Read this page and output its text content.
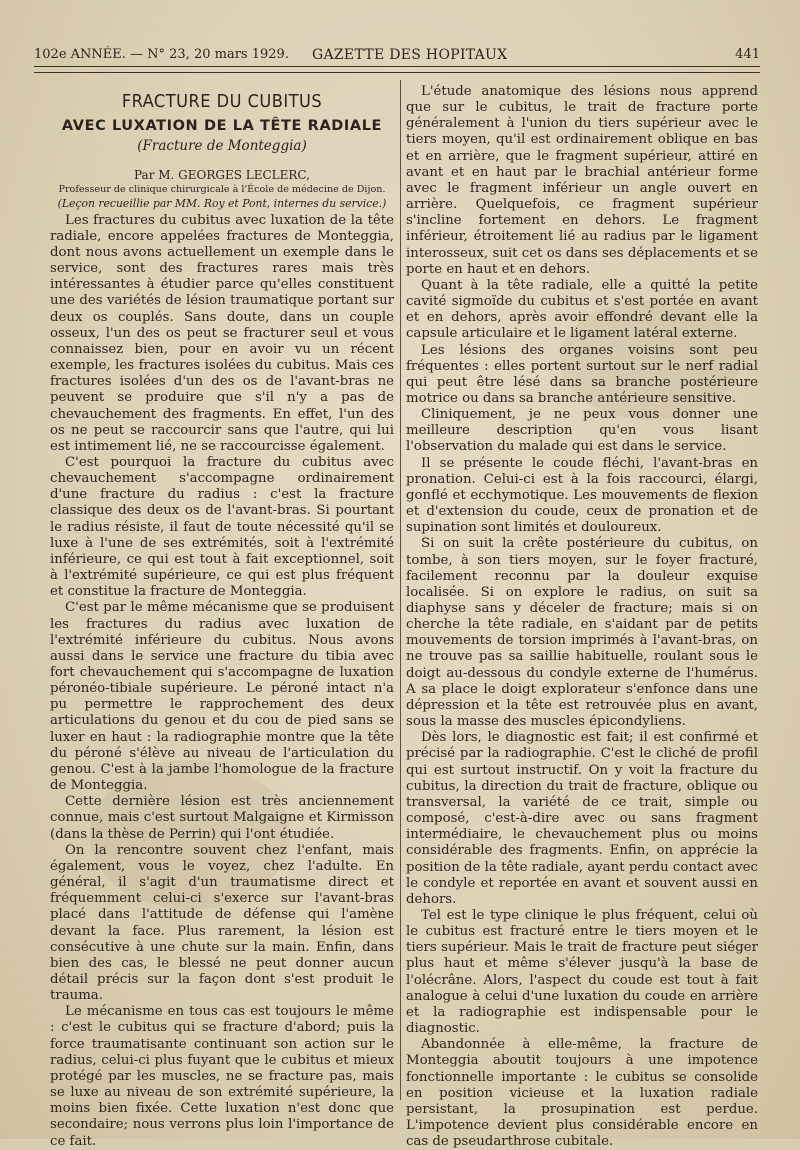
102e ANNÉE. — N° 23, 20 mars 1929. GAZETTE DES HOPITAUX	441
FRACTURE DU CUBITUS
AVEC LUXATION DE LA TÊTE RADIALE
(Fracture de Monteggia)

Par M. GEORGES LECLERC,

Professeur de clinique chirurgicale à l'École de médecine de Dijon.

(Leçon recueillie par MM. Roy et Pont, internes du service.)

Les fractures du cubitus avec luxation de la tête radiale, encore appelées fractures de Monteggia, dont nous avons actuellement un exemple dans le service, sont des fractures rares mais très intéressantes à étudier parce qu'elles constituent une des variétés de lésion traumatique portant sur deux os couplés. Sans doute, dans un couple osseux, l'un des os peut se fracturer seul et vous connaissez bien, pour en avoir vu un récent exemple, les fractures isolées du cubitus. Mais ces fractures isolées d'un des os de l'avant-bras ne peuvent se produire que s'il n'y a pas de chevauchement des fragments. En effet, l'un des os ne peut se raccourcir sans que l'autre, qui lui est intimement lié, ne se raccourcisse également.

C'est pourquoi la fracture du cubitus avec chevauchement s'accompagne ordinairement d'une fracture du radius : c'est la fracture classique des deux os de l'avant-bras. Si pourtant le radius résiste, il faut de toute nécessité qu'il se luxe à l'une de ses extrémités, soit à l'extrémité inférieure, ce qui est tout à fait exceptionnel, soit à l'extrémité supérieure, ce qui est plus fréquent et constitue la fracture de Monteggia.

C'est par le même mécanisme que se produisent les fractures du radius avec luxation de l'extrémité inférieure du cubitus. Nous avons aussi dans le service une fracture du tibia avec fort chevauchement qui s'accompagne de luxation péronéo-tibiale supérieure. Le péroné intact n'a pu permettre le rapprochement des deux articulations du genou et du cou de pied sans se luxer en haut : la radiographie montre que la tête du péroné s'élève au niveau de l'articulation du genou. C'est à la jambe l'homologue de la fracture de Monteggia.

Cette dernière lésion est très anciennement connue, mais c'est surtout Malgaigne et Kirmisson (dans la thèse de Perrin) qui l'ont étudiée.

On la rencontre souvent chez l'enfant, mais également, vous le voyez, chez l'adulte. En général, il s'agit d'un traumatisme direct et fréquemment celui-ci s'exerce sur l'avant-bras placé dans l'attitude de défense qui l'amène devant la face. Plus rarement, la lésion est consécutive à une chute sur la main. Enfin, dans bien des cas, le blessé ne peut donner aucun détail précis sur la façon dont s'est produit le trauma.

Le mécanisme en tous cas est toujours le même : c'est le cubitus qui se fracture d'abord; puis la force traumatisante continuant son action sur le radius, celui-ci plus fuyant que le cubitus et mieux protégé par les muscles, ne se fracture pas, mais se luxe au niveau de son extrémité supérieure, la moins bien fixée. Cette luxation n'est donc que secondaire; nous verrons plus loin l'importance de ce fait.

L'étude anatomique des lésions nous apprend que sur le cubitus, le trait de fracture porte généralement à l'union du tiers supérieur avec le tiers moyen, qu'il est ordinairement oblique en bas et en arrière, que le fragment supérieur, attiré en avant et en haut par le brachial antérieur forme avec le fragment inférieur un angle ouvert en arrière. Quelquefois, ce fragment supérieur s'incline fortement en dehors. Le fragment inférieur, étroitement lié au radius par le ligament interosseux, suit cet os dans ses déplacements et se porte en haut et en dehors.

Quant à la tête radiale, elle a quitté la petite cavité sigmoïde du cubitus et s'est portée en avant et en dehors, après avoir effondré devant elle la capsule articulaire et le ligament latéral externe.

Les lésions des organes voisins sont peu fréquentes : elles portent surtout sur le nerf radial qui peut être lésé dans sa branche postérieure motrice ou dans sa branche antérieure sensitive.

Cliniquement, je ne peux vous donner une meilleure description qu'en vous lisant l'observation du malade qui est dans le service.

Il se présente le coude fléchi, l'avant-bras en pronation. Celui-ci est à la fois raccourci, élargi, gonflé et ecchymotique. Les mouvements de flexion et d'extension du coude, ceux de pronation et de supination sont limités et douloureux.

Si on suit la crête postérieure du cubitus, on tombe, à son tiers moyen, sur le foyer fracturé, facilement reconnu par la douleur exquise localisée. Si on explore le radius, on suit sa diaphyse sans y déceler de fracture; mais si on cherche la tête radiale, en s'aidant par de petits mouvements de torsion imprimés à l'avant-bras, on ne trouve pas sa saillie habituelle, roulant sous le doigt au-dessous du condyle externe de l'humérus. A sa place le doigt explorateur s'enfonce dans une dépression et la tête est retrouvée plus en avant, sous la masse des muscles épicondyliens.

Dès lors, le diagnostic est fait; il est confirmé et précisé par la radiographie. C'est le cliché de profil qui est surtout instructif. On y voit la fracture du cubitus, la direction du trait de fracture, oblique ou transversal, la variété de ce trait, simple ou composé, c'est-à-dire avec ou sans fragment intermédiaire, le chevauchement plus ou moins considérable des fragments. Enfin, on apprécie la position de la tête radiale, ayant perdu contact avec le condyle et reportée en avant et souvent aussi en dehors.

Tel est le type clinique le plus fréquent, celui où le cubitus est fracturé entre le tiers moyen et le tiers supérieur. Mais le trait de fracture peut siéger plus haut et même s'élever jusqu'à la base de l'olécrâne. Alors, l'aspect du coude est tout à fait analogue à celui d'une luxation du coude en arrière et la radiographie est indispensable pour le diagnostic.

Abandonnée à elle-même, la fracture de Monteggia aboutit toujours à une impotence fonctionnelle importante : le cubitus se consolide en position vicieuse et la luxation radiale persistant, la prosupination est perdue. L'impotence devient plus considérable encore en cas de pseudarthrose cubitale.
